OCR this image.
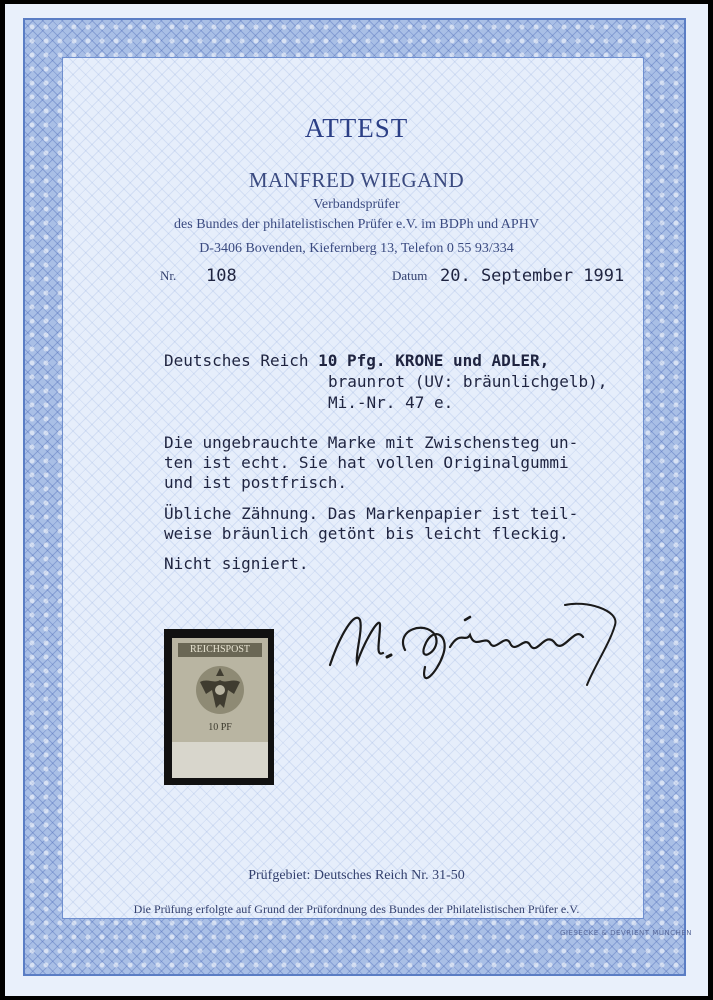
ATTEST
MANFRED WIEGAND
Verbandsprüfer
des Bundes der philatelistischen Prüfer e.V. im BDPh und APHV
D-3406 Bovenden, Kiefernberg 13, Telefon 0 55 93/334
Nr. 108	Datum 20. September 1991
Deutsches Reich 10 Pfg. KRONE und ADLER,
braunrot (UV: bräunlichgelb),
Mi.-Nr. 47 e.
Die ungebrauchte Marke mit Zwischensteg un-
ten ist echt. Sie hat vollen Originalgummi
und ist postfrisch.
Übliche Zähnung. Das Markenpapier ist teil-
weise bräunlich getönt bis leicht fleckig.
Nicht signiert.
REICHSPOST
10 PF
Prüfgebiet: Deutsches Reich Nr. 31-50
Die Prüfung erfolgte auf Grund der Prüfordnung des Bundes der Philatelistischen Prüfer e.V.
GIESECKE & DEVRIENT MÜNCHEN
